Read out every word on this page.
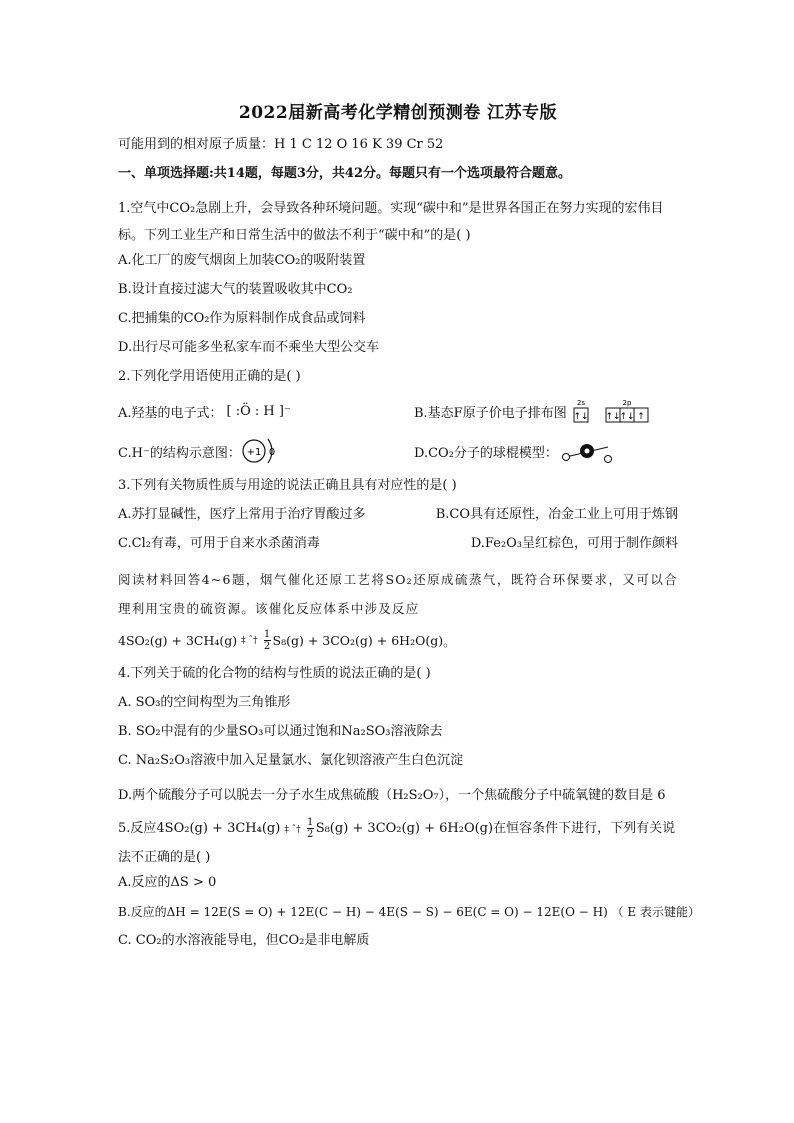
2022届新高考化学精创预测卷 江苏专版
可能用到的相对原子质量：H 1 C 12 O 16 K 39 Cr 52
一、单项选择题:共14题，每题3分，共42分。每题只有一个选项最符合题意。
1.空气中CO₂急剧上升，会导致各种环境问题。实现“碳中和”是世界各国正在努力实现的宏伟目标。下列工业生产和日常生活中的做法不利于“碳中和”的是( )
A.化工厂的废气烟囱上加装CO₂的吸附装置
B.设计直接过滤大气的装置吸收其中CO₂
C.把捕集的CO₂作为原料制作成食品或饲料
D.出行尽可能多坐私家车而不乘坐大型公交车
2.下列化学用语使用正确的是( )
A.羟基的电子式： [ :Ö : H ]⁻	B.基态F原子价电子排布图
2s	2p
↑↓ ↑↓
↑↓ ↑
C.H⁻的结构示意图： +1 0	D.CO₂分子的球棍模型：
3.下列有关物质性质与用途的说法正确且具有对应性的是( )
A.苏打显碱性，医疗上常用于治疗胃酸过多	B.CO具有还原性，冶金工业上可用于炼钢
C.Cl₂有毒，可用于自来水杀菌消毒	D.Fe₂O₃呈红棕色，可用于制作颜料
阅读材料回答4~6题，烟气催化还原工艺将SO₂还原成硫蒸气，既符合环保要求，又可以合理利用宝贵的硫资源。该催化反应体系中涉及反应
4SO₂(g) + 3CH₄(g) ‡ ˆ† $\frac{1}{2} S_8(g) + 3CO_2(g) + 6H_2O(g)$ 。
4.下列关于硫的化合物的结构与性质的说法正确的是( )
A. SO₃的空间构型为三角锥形
B. SO₂中混有的少量SO₃可以通过饱和Na₂SO₃溶液除去
C. Na₂S₂O₃溶液中加入足量氯水、氯化钡溶液产生白色沉淀
D.两个硫酸分子可以脱去一分子水生成焦硫酸（H₂S₂O₇），一个焦硫酸分子中硫氧键的数目是 6
5.反应4SO₂(g) + 3CH₄(g) ‡ ˆ† $\frac{1}{2} S_8(g) + 3CO_2(g) + 6H_2O(g)$在恒容条件下进行，下列有关说法不正确的是( )
A.反应的ΔS > 0
B.反应的ΔH = 12E(S = O) + 12E(C − H) − 4E(S − S) − 6E(C = O) − 12E(O − H) （ E 表示键能）
C. CO₂的水溶液能导电，但CO₂是非电解质
